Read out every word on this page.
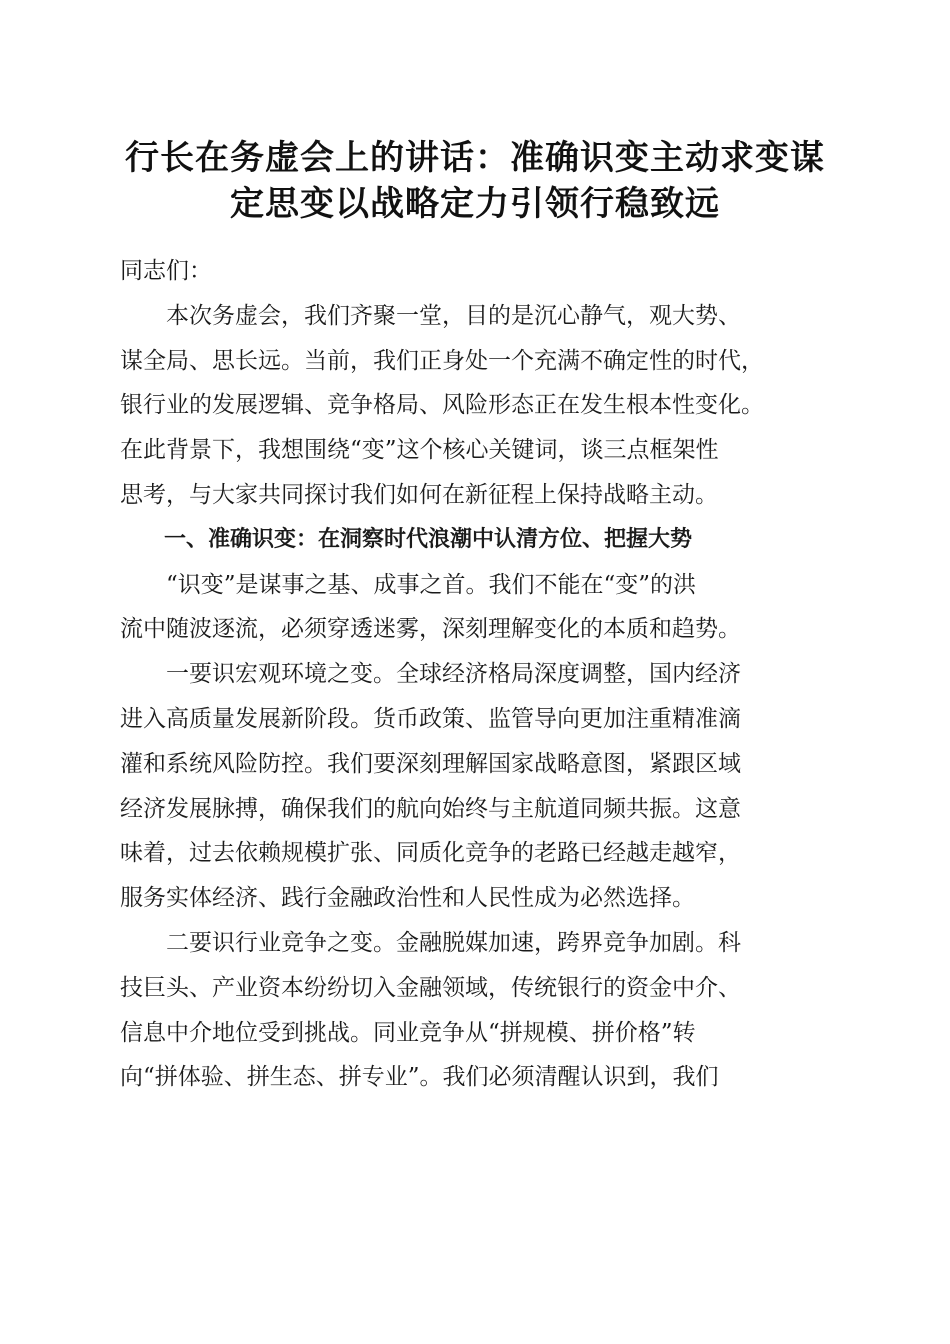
行长在务虚会上的讲话：准确识变主动求变谋
定思变以战略定力引领行稳致远

同志们：

　　本次务虚会，我们齐聚一堂，目的是沉心静气，观大势、

谋全局、思长远。当前，我们正身处一个充满不确定性的时代，

银行业的发展逻辑、竞争格局、风险形态正在发生根本性变化。

在此背景下，我想围绕“变”这个核心关键词，谈三点框架性

思考，与大家共同探讨我们如何在新征程上保持战略主动。

　　一、准确识变：在洞察时代浪潮中认清方位、把握大势

　　“识变”是谋事之基、成事之首。我们不能在“变”的洪

流中随波逐流，必须穿透迷雾，深刻理解变化的本质和趋势。

　　一要识宏观环境之变。全球经济格局深度调整，国内经济

进入高质量发展新阶段。货币政策、监管导向更加注重精准滴

灌和系统风险防控。我们要深刻理解国家战略意图，紧跟区域

经济发展脉搏，确保我们的航向始终与主航道同频共振。这意

味着，过去依赖规模扩张、同质化竞争的老路已经越走越窄，

服务实体经济、践行金融政治性和人民性成为必然选择。

　　二要识行业竞争之变。金融脱媒加速，跨界竞争加剧。科

技巨头、产业资本纷纷切入金融领域，传统银行的资金中介、

信息中介地位受到挑战。同业竞争从“拼规模、拼价格”转

向“拼体验、拼生态、拼专业”。我们必须清醒认识到，我们
